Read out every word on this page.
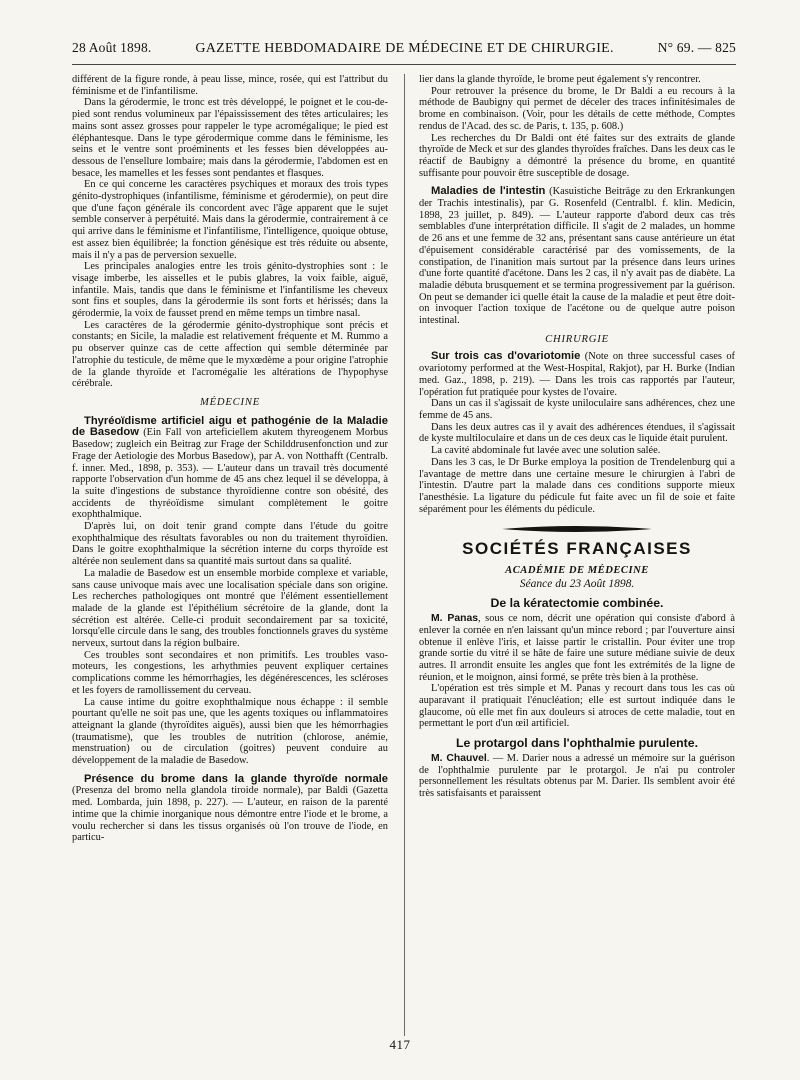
28 Août 1898.	GAZETTE HEBDOMADAIRE DE MÉDECINE ET DE CHIRURGIE.	N° 69. — 825

différent de la figure ronde, à peau lisse, mince, rosée, qui est l'attribut du féminisme et de l'infantilisme.

Dans la gérodermie, le tronc est très développé, le poignet et le cou-de-pied sont rendus volumineux par l'épaississement des têtes articulaires; les mains sont assez grosses pour rappeler le type acromégalique; le pied est éléphantesque. Dans le type gérodermique comme dans le féminisme, les seins et le ventre sont proéminents et les fesses bien développées au-dessous de l'ensellure lombaire; mais dans la gérodermie, l'abdomen est en besace, les mamelles et les fesses sont pendantes et flasques.

En ce qui concerne les caractères psychiques et moraux des trois types génito-dystrophiques (infantilisme, féminisme et gérodermie), on peut dire que d'une façon générale ils concordent avec l'âge apparent que le sujet semble conserver à perpétuité. Mais dans la gérodermie, contrairement à ce qui arrive dans le féminisme et l'infantilisme, l'intelligence, quoique obtuse, est assez bien équilibrée; la fonction génésique est très réduite ou absente, mais il n'y a pas de perversion sexuelle.

Les principales analogies entre les trois génito-dystrophies sont : le visage imberbe, les aisselles et le pubis glabres, la voix faible, aiguë, infantile. Mais, tandis que dans le féminisme et l'infantilisme les cheveux sont fins et souples, dans la gérodermie ils sont forts et hérissés; dans la gérodermie, la voix de fausset prend en même temps un timbre nasal.

Les caractères de la gérodermie génito-dystrophique sont précis et constants; en Sicile, la maladie est relativement fréquente et M. Rummo a pu observer quinze cas de cette affection qui semble déterminée par l'atrophie du testicule, de même que le myxœdème a pour origine l'atrophie de la glande thyroïde et l'acromégalie les altérations de l'hypophyse cérébrale.

MÉDECINE

Thyréoïdisme artificiel aigu et pathogénie de la Maladie de Basedow (Ein Fall von arteficiellem akutem thyreogenem Morbus Basedow; zugleich ein Beitrag zur Frage der Schilddrusenfonction und zur Frage der Aetiologie des Morbus Basedow), par A. von Notthafft (Centralb. f. inner. Med., 1898, p. 353). — L'auteur dans un travail très documenté rapporte l'observation d'un homme de 45 ans chez lequel il se développa, à la suite d'ingestions de substance thyroïdienne contre son obésité, des accidents de thyréoïdisme simulant complètement le goitre exophthalmique.

D'après lui, on doit tenir grand compte dans l'étude du goitre exophthalmique des résultats favorables ou non du traitement thyroïdien. Dans le goitre exophthalmique la sécrétion interne du corps thyroïde est altérée non seulement dans sa quantité mais surtout dans sa qualité.

La maladie de Basedow est un ensemble morbide complexe et variable, sans cause univoque mais avec une localisation spéciale dans son origine. Les recherches pathologiques ont montré que l'élément essentiellement malade de la glande est l'épithélium sécrétoire de la glande, dont la sécrétion est altérée. Celle-ci produit secondairement par sa toxicité, lorsqu'elle circule dans le sang, des troubles fonctionnels graves du système nerveux, surtout dans la région bulbaire.

Ces troubles sont secondaires et non primitifs. Les troubles vaso-moteurs, les congestions, les arhythmies peuvent expliquer certaines complications comme les hémorrhagies, les dégénérescences, les scléroses et les foyers de ramollissement du cerveau.

La cause intime du goitre exophthalmique nous échappe : il semble pourtant qu'elle ne soit pas une, que les agents toxiques ou inflammatoires atteignant la glande (thyroïdites aiguës), aussi bien que les hémorrhagies (traumatisme), que les troubles de nutrition (chlorose, anémie, menstruation) ou de circulation (goitres) peuvent conduire au développement de la maladie de Basedow.

Présence du brome dans la glande thyroïde normale (Presenza del bromo nella glandola tiroide normale), par Baldi (Gazetta med. Lombarda, juin 1898, p. 227). — L'auteur, en raison de la parenté intime que la chimie inorganique nous démontre entre l'iode et le brome, a voulu rechercher si dans les tissus organisés où l'on trouve de l'iode, en particu-

lier dans la glande thyroïde, le brome peut également s'y rencontrer.

Pour retrouver la présence du brome, le Dr Baldi a eu recours à la méthode de Baubigny qui permet de déceler des traces infinitésimales de brome en combinaison. (Voir, pour les détails de cette méthode, Comptes rendus de l'Acad. des sc. de Paris, t. 135, p. 608.)

Les recherches du Dr Baldi ont été faites sur des extraits de glande thyroïde de Meck et sur des glandes thyroïdes fraîches. Dans les deux cas le réactif de Baubigny a démontré la présence du brome, en quantité suffisante pour pouvoir être susceptible de dosage.

Maladies de l'intestin (Kasuistiche Beiträge zu den Erkrankungen der Trachis intestinalis), par G. Rosenfeld (Centralbl. f. klin. Medicin, 1898, 23 juillet, p. 849). — L'auteur rapporte d'abord deux cas très semblables d'une interprétation difficile. Il s'agit de 2 malades, un homme de 26 ans et une femme de 32 ans, présentant sans cause antérieure un état d'épuisement considérable caractérisé par des vomissements, de la constipation, de l'inanition mais surtout par la présence dans leurs urines d'une forte quantité d'acétone. Dans les 2 cas, il n'y avait pas de diabète. La maladie débuta brusquement et se termina progressivement par la guérison. On peut se demander ici quelle était la cause de la maladie et peut être doit-on invoquer l'action toxique de l'acétone ou de quelque autre poison intestinal.

CHIRURGIE

Sur trois cas d'ovariotomie (Note on three successful cases of ovariotomy performed at the West-Hospital, Rakjot), par H. Burke (Indian med. Gaz., 1898, p. 219). — Dans les trois cas rapportés par l'auteur, l'opération fut pratiquée pour kystes de l'ovaire.

Dans un cas il s'agissait de kyste uniloculaire sans adhérences, chez une femme de 45 ans.

Dans les deux autres cas il y avait des adhérences étendues, il s'agissait de kyste multiloculaire et dans un de ces deux cas le liquide était purulent.

La cavité abdominale fut lavée avec une solution salée.

Dans les 3 cas, le Dr Burke employa la position de Trendelenburg qui a l'avantage de mettre dans une certaine mesure le chirurgien à l'abri de l'intestin. D'autre part la malade dans ces conditions supporte mieux l'anesthésie. La ligature du pédicule fut faite avec un fil de soie et faite séparément pour les éléments du pédicule.

SOCIÉTÉS FRANÇAISES
ACADÉMIE DE MÉDECINE
Séance du 23 Août 1898.
De la kératectomie combinée.

M. Panas, sous ce nom, décrit une opération qui consiste d'abord à enlever la cornée en n'en laissant qu'un mince rebord ; par l'ouverture ainsi obtenue il enlève l'iris, et laisse partir le cristallin. Pour éviter une trop grande sortie du vitré il se hâte de faire une suture médiane suivie de deux autres. Il arrondit ensuite les angles que font les extrémités de la ligne de réunion, et le moignon, ainsi formé, se prête très bien à la prothèse.

L'opération est très simple et M. Panas y recourt dans tous les cas où auparavant il pratiquait l'énucléation; elle est surtout indiquée dans le glaucome, où elle met fin aux douleurs si atroces de cette maladie, tout en permettant le port d'un œil artificiel.

Le protargol dans l'ophthalmie purulente.

M. Chauvel. — M. Darier nous a adressé un mémoire sur la guérison de l'ophthalmie purulente par le protargol. Je n'ai pu controler personnellement les résultats obtenus par M. Darier. Ils semblent avoir été très satisfaisants et paraissent

417
